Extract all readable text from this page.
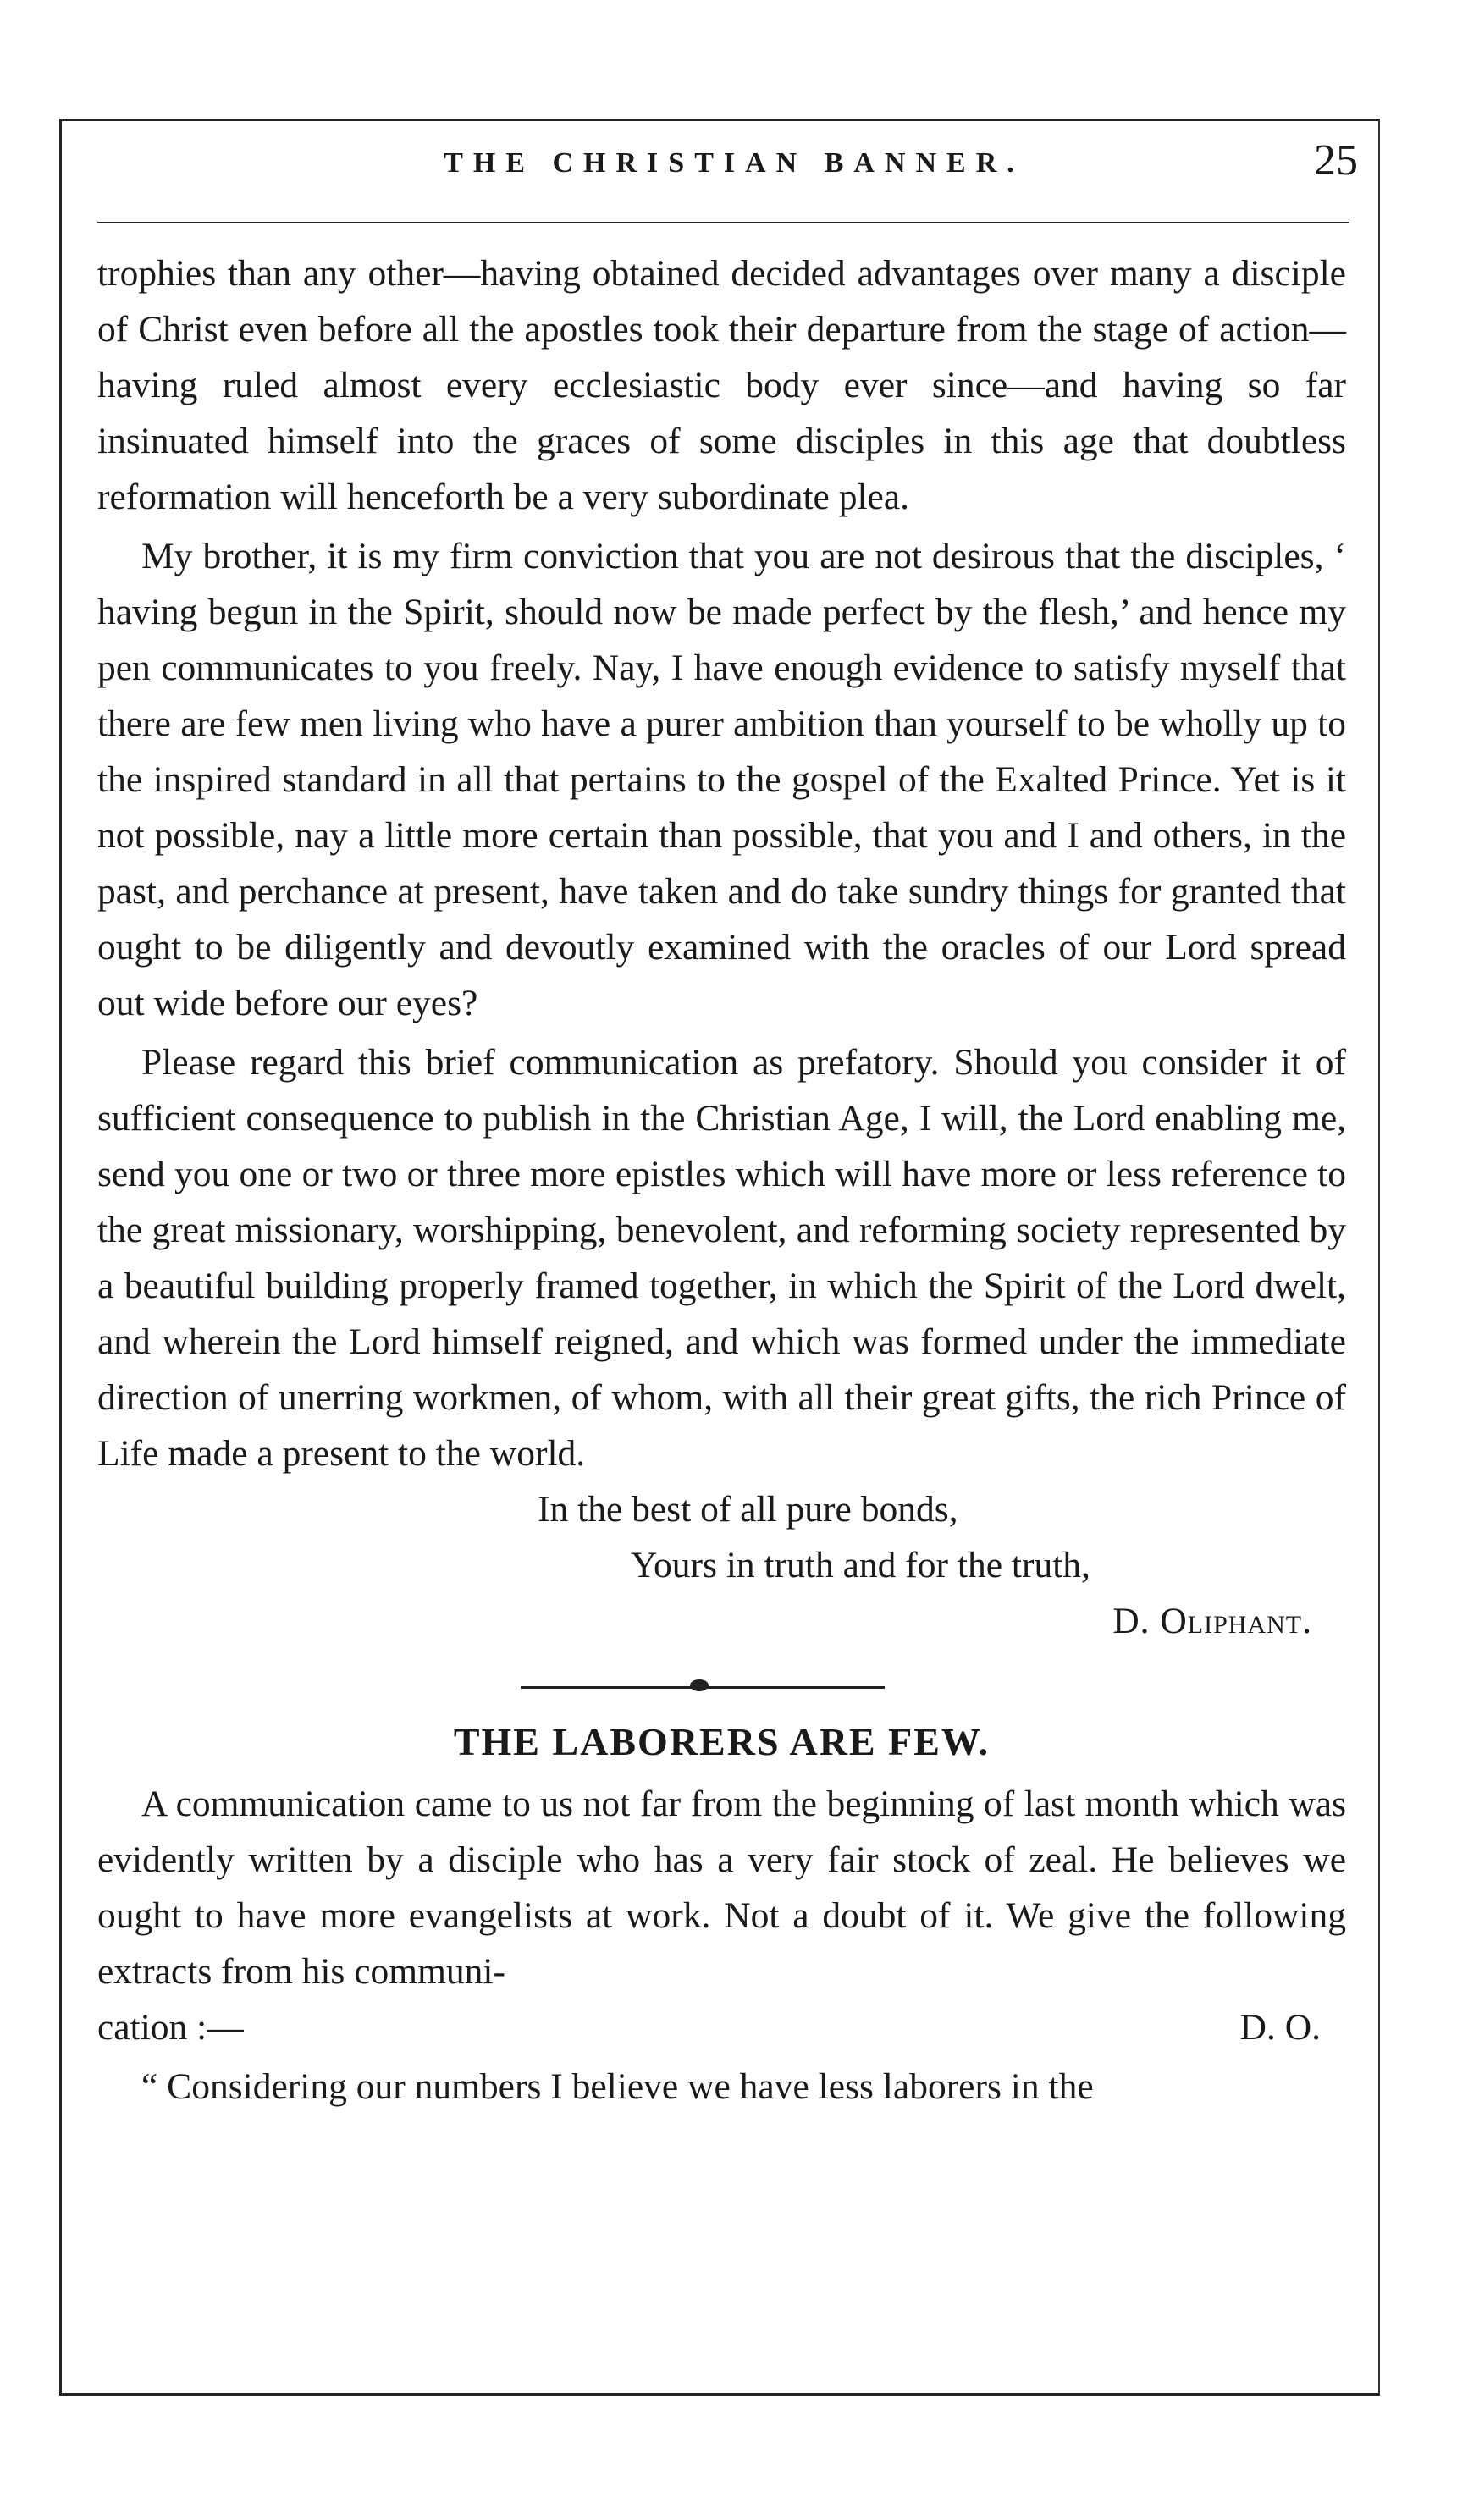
THE CHRISTIAN BANNER.	25

trophies than any other—having obtained decided advantages over many a disciple of Christ even before all the apostles took their departure from the stage of action—having ruled almost every ecclesiastic body ever since—and having so far insinuated himself into the graces of some disciples in this age that doubtless reformation will henceforth be a very subordinate plea.

My brother, it is my firm conviction that you are not desirous that the disciples, ‘ having begun in the Spirit, should now be made perfect by the flesh,’ and hence my pen communicates to you freely. Nay, I have enough evidence to satisfy myself that there are few men living who have a purer ambition than yourself to be wholly up to the inspired standard in all that pertains to the gospel of the Exalted Prince. Yet is it not possible, nay a little more certain than possible, that you and I and others, in the past, and perchance at present, have taken and do take sundry things for granted that ought to be diligently and devoutly examined with the oracles of our Lord spread out wide before our eyes?

Please regard this brief communication as prefatory. Should you consider it of sufficient consequence to publish in the Christian Age, I will, the Lord enabling me, send you one or two or three more epistles which will have more or less reference to the great missionary, worshipping, benevolent, and reforming society represented by a beautiful building properly framed together, in which the Spirit of the Lord dwelt, and wherein the Lord himself reigned, and which was formed under the immediate direction of unerring workmen, of whom, with all their great gifts, the rich Prince of Life made a present to the world.

In the best of all pure bonds,
Yours in truth and for the truth,
D. Oliphant.
THE LABORERS ARE FEW.

A communication came to us not far from the beginning of last month which was evidently written by a disciple who has a very fair stock of zeal. He believes we ought to have more evangelists at work. Not a doubt of it. We give the following extracts from his communi-

cation :—	D. O.

“ Considering our numbers I believe we have less laborers in the
